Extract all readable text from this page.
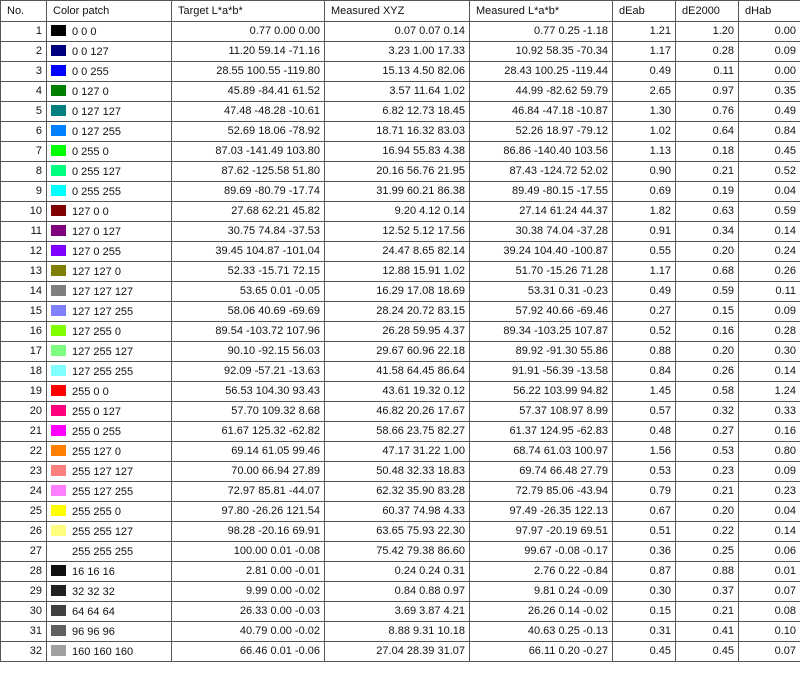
No.	Color patch	Target L*a*b*	Measured XYZ	Measured L*a*b*	dEab	dE2000	dHab
1	0 0 0	0.77 0.00 0.00	0.07 0.07 0.14	0.77 0.25 -1.18	1.21	1.20	0.00
2	0 0 127	11.20 59.14 -71.16	3.23 1.00 17.33	10.92 58.35 -70.34	1.17	0.28	0.09
3	0 0 255	28.55 100.55 -119.80	15.13 4.50 82.06	28.43 100.25 -119.44	0.49	0.11	0.00
4	0 127 0	45.89 -84.41 61.52	3.57 11.64 1.02	44.99 -82.62 59.79	2.65	0.97	0.35
5	0 127 127	47.48 -48.28 -10.61	6.82 12.73 18.45	46.84 -47.18 -10.87	1.30	0.76	0.49
6	0 127 255	52.69 18.06 -78.92	18.71 16.32 83.03	52.26 18.97 -79.12	1.02	0.64	0.84
7	0 255 0	87.03 -141.49 103.80	16.94 55.83 4.38	86.86 -140.40 103.56	1.13	0.18	0.45
8	0 255 127	87.62 -125.58 51.80	20.16 56.76 21.95	87.43 -124.72 52.02	0.90	0.21	0.52
9	0 255 255	89.69 -80.79 -17.74	31.99 60.21 86.38	89.49 -80.15 -17.55	0.69	0.19	0.04
10	127 0 0	27.68 62.21 45.82	9.20 4.12 0.14	27.14 61.24 44.37	1.82	0.63	0.59
11	127 0 127	30.75 74.84 -37.53	12.52 5.12 17.56	30.38 74.04 -37.28	0.91	0.34	0.14
12	127 0 255	39.45 104.87 -101.04	24.47 8.65 82.14	39.24 104.40 -100.87	0.55	0.20	0.24
13	127 127 0	52.33 -15.71 72.15	12.88 15.91 1.02	51.70 -15.26 71.28	1.17	0.68	0.26
14	127 127 127	53.65 0.01 -0.05	16.29 17.08 18.69	53.31 0.31 -0.23	0.49	0.59	0.11
15	127 127 255	58.06 40.69 -69.69	28.24 20.72 83.15	57.92 40.66 -69.46	0.27	0.15	0.09
16	127 255 0	89.54 -103.72 107.96	26.28 59.95 4.37	89.34 -103.25 107.87	0.52	0.16	0.28
17	127 255 127	90.10 -92.15 56.03	29.67 60.96 22.18	89.92 -91.30 55.86	0.88	0.20	0.30
18	127 255 255	92.09 -57.21 -13.63	41.58 64.45 86.64	91.91 -56.39 -13.58	0.84	0.26	0.14
19	255 0 0	56.53 104.30 93.43	43.61 19.32 0.12	56.22 103.99 94.82	1.45	0.58	1.24
20	255 0 127	57.70 109.32 8.68	46.82 20.26 17.67	57.37 108.97 8.99	0.57	0.32	0.33
21	255 0 255	61.67 125.32 -62.82	58.66 23.75 82.27	61.37 124.95 -62.83	0.48	0.27	0.16
22	255 127 0	69.14 61.05 99.46	47.17 31.22 1.00	68.74 61.03 100.97	1.56	0.53	0.80
23	255 127 127	70.00 66.94 27.89	50.48 32.33 18.83	69.74 66.48 27.79	0.53	0.23	0.09
24	255 127 255	72.97 85.81 -44.07	62.32 35.90 83.28	72.79 85.06 -43.94	0.79	0.21	0.23
25	255 255 0	97.80 -26.26 121.54	60.37 74.98 4.33	97.49 -26.35 122.13	0.67	0.20	0.04
26	255 255 127	98.28 -20.16 69.91	63.65 75.93 22.30	97.97 -20.19 69.51	0.51	0.22	0.14
27	255 255 255	100.00 0.01 -0.08	75.42 79.38 86.60	99.67 -0.08 -0.17	0.36	0.25	0.06
28	16 16 16	2.81 0.00 -0.01	0.24 0.24 0.31	2.76 0.22 -0.84	0.87	0.88	0.01
29	32 32 32	9.99 0.00 -0.02	0.84 0.88 0.97	9.81 0.24 -0.09	0.30	0.37	0.07
30	64 64 64	26.33 0.00 -0.03	3.69 3.87 4.21	26.26 0.14 -0.02	0.15	0.21	0.08
31	96 96 96	40.79 0.00 -0.02	8.88 9.31 10.18	40.63 0.25 -0.13	0.31	0.41	0.10
32	160 160 160	66.46 0.01 -0.06	27.04 28.39 31.07	66.11 0.20 -0.27	0.45	0.45	0.07
